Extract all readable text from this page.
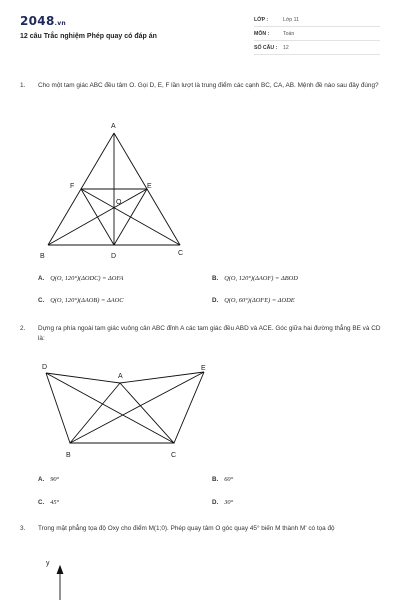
2048.vn
12 câu Trắc nghiệm Phép quay có đáp án
LỚP :	Lớp 11
MÔN :	Toán
SỐ CÂU :	12
1. Cho một tam giác ABC đều tâm O. Gọi D, E, F lần lượt là trung điểm các cạnh BC, CA, AB. Mệnh đề nào sau đây đúng?
A
B	C
D
E
F
O
D
A
E
B	C
y
A. Q(O, 120°)(ΔODC) = ΔOFA	B. Q(O, 120°)(ΔAOF) = ΔBOD
C. Q(O, 120°)(ΔAOB) = ΔAOC	D. Q(O, 60°)(ΔOFE) = ΔODE
2. Dựng ra phía ngoài tam giác vuông cân ABC đỉnh A các tam giác đều ABD và ACE. Góc giữa hai đường thẳng BE và CD là:
A. 90°	B. 60°
C. 45°	D. 30°
3. Trong mặt phẳng tọa độ Oxy cho điểm M(1;0). Phép quay tâm O góc quay 45° biến M thành M' có tọa độ
